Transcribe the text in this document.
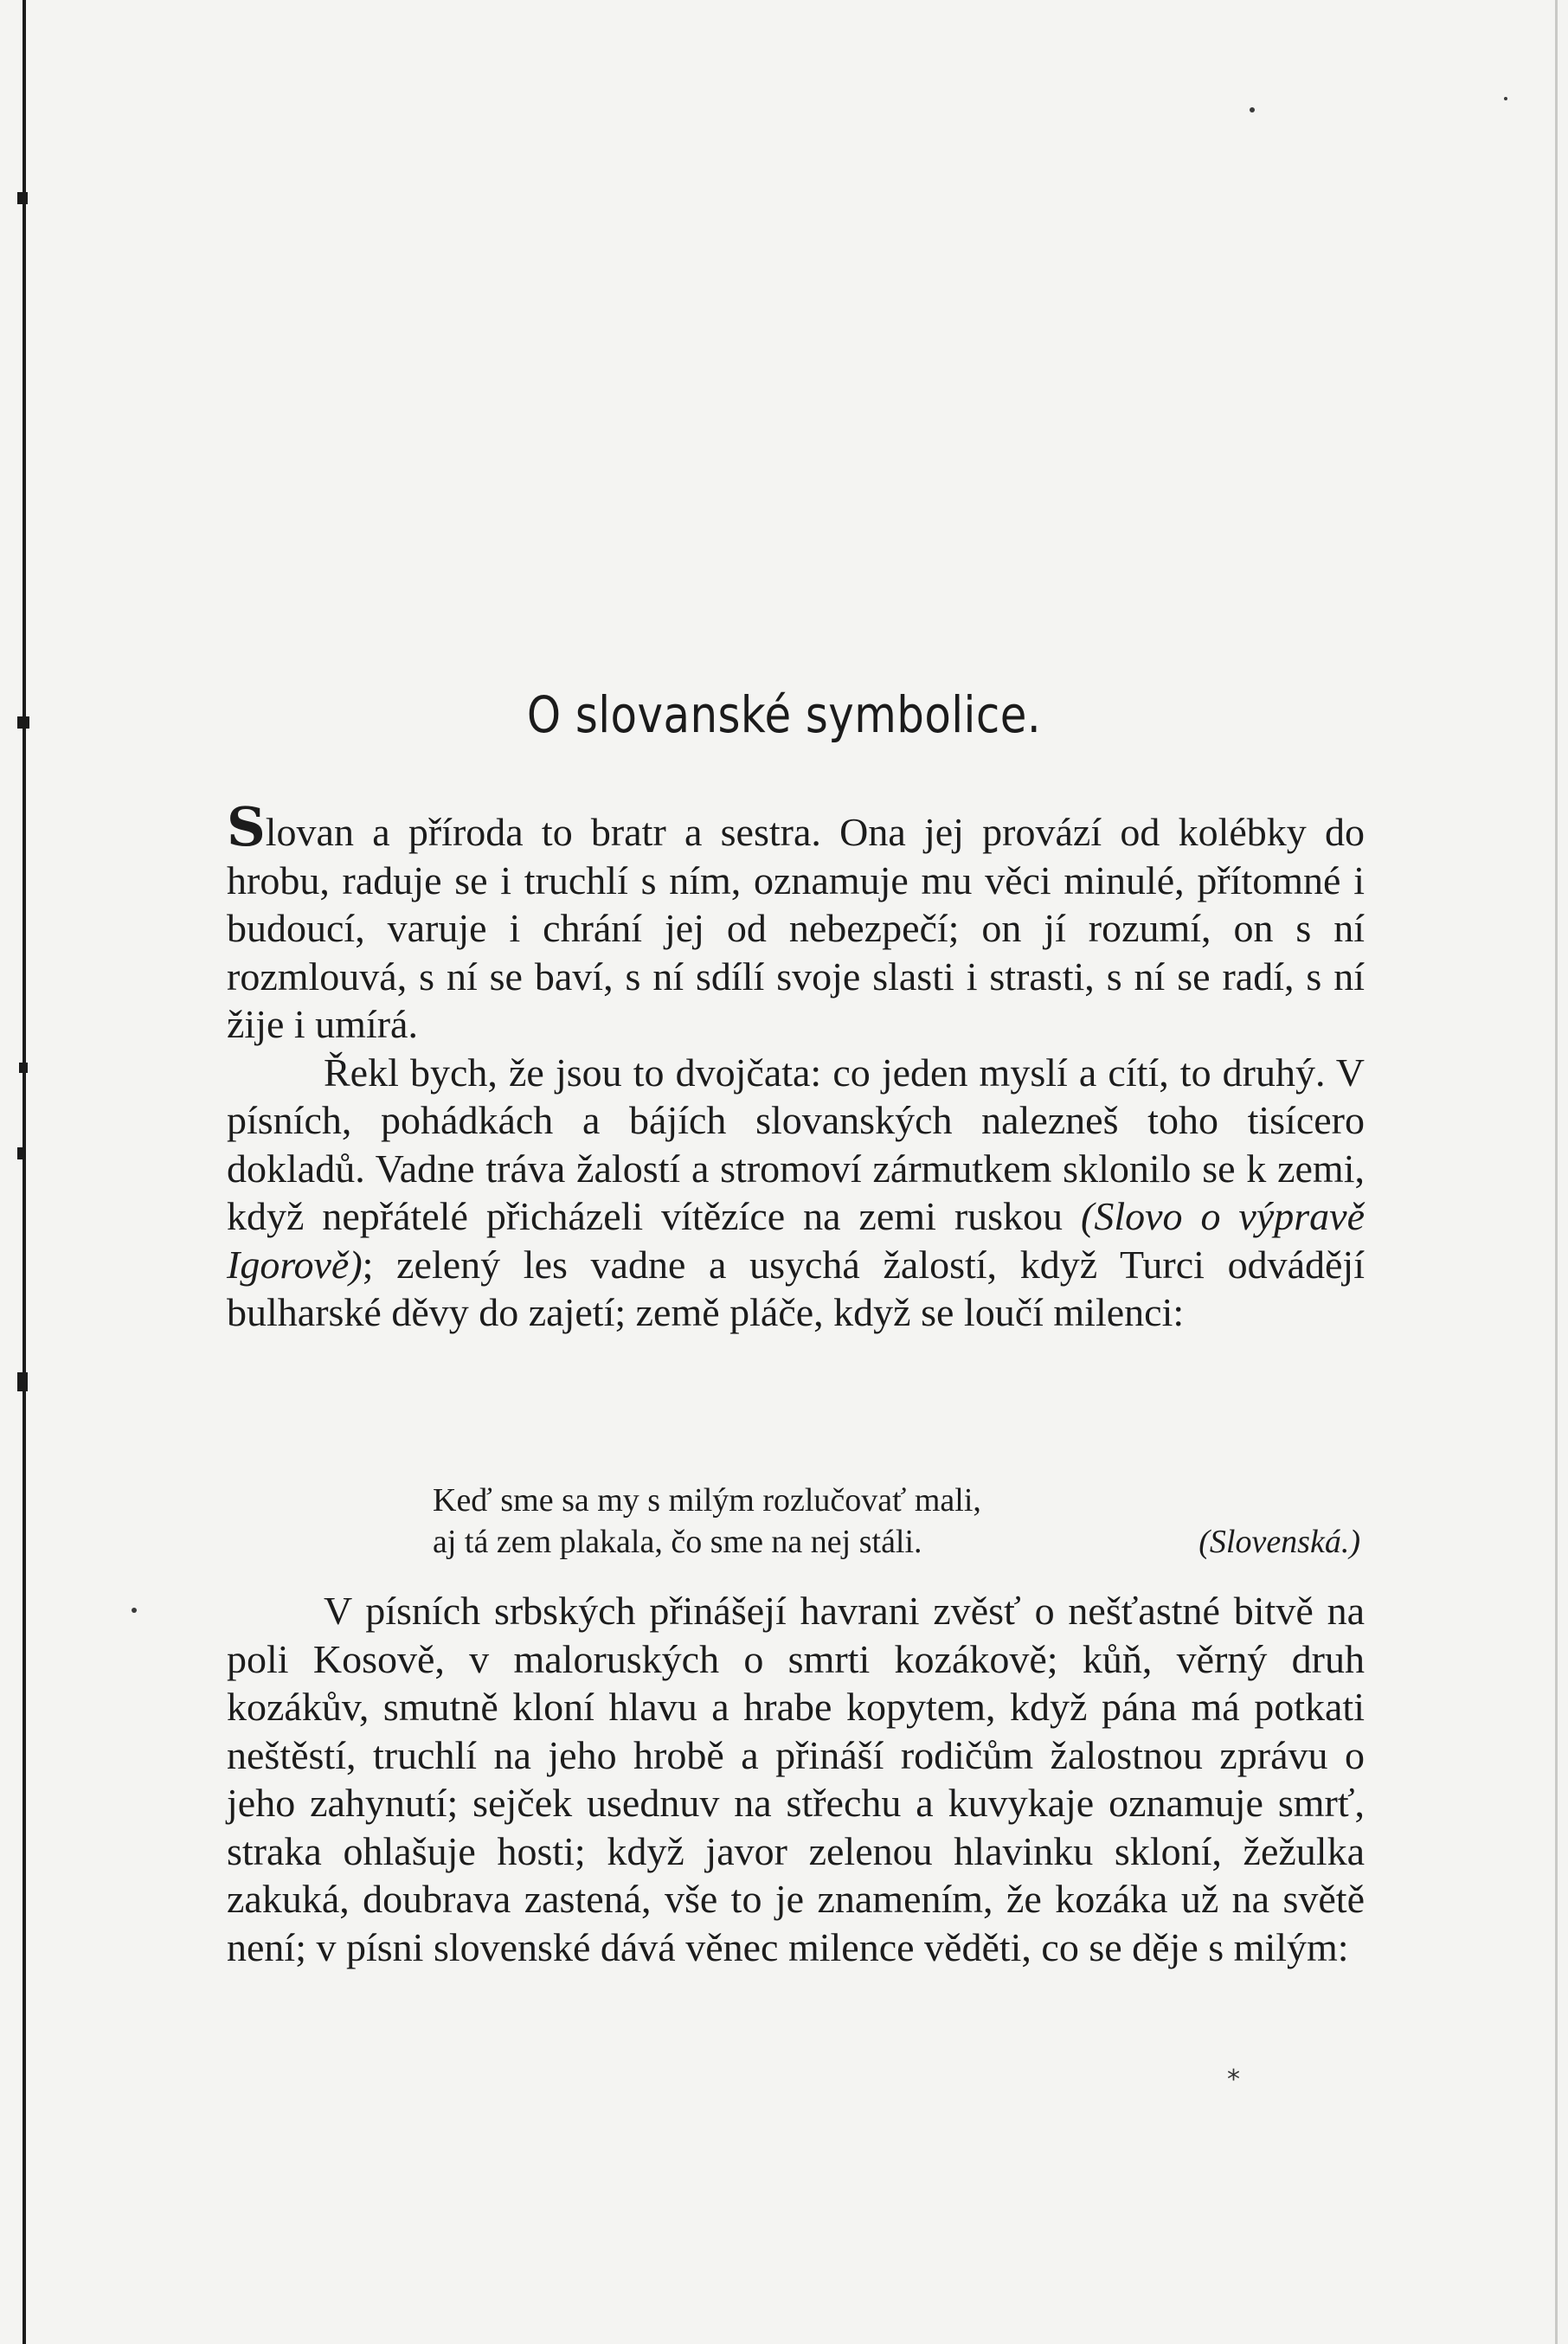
O slovanské symbolice.

Slovan a příroda to bratr a sestra. Ona jej provází od kolébky do hrobu, raduje se i truchlí s ním, oznamuje mu věci minulé, přítomné i budoucí, varuje i chrání jej od nebezpečí; on jí rozumí, on s ní rozmlouvá, s ní se baví, s ní sdílí svoje slasti i strasti, s ní se radí, s ní žije i umírá.

Řekl bych, že jsou to dvojčata: co jeden myslí a cítí, to druhý. V písních, pohádkách a bájích slovanských nalezneš toho tisícero dokladů. Vadne tráva žalostí a stromoví zármutkem sklonilo se k zemi, když nepřátelé přicházeli vítězíce na zemi ruskou (Slovo o výpravě Igorově); zelený les vadne a usychá žalostí, když Turci odvádějí bulharské děvy do zajetí; země pláče, když se loučí milenci:

Keď sme sa my s milým rozlučovať mali,
aj tá zem plakala, čo sme na nej stáli.	(Slovenská.)

V písních srbských přinášejí havrani zvěsť o nešťastné bitvě na poli Kosově, v maloruských o smrti kozákově; kůň, věrný druh kozákův, smutně kloní hlavu a hrabe kopytem, když pána má potkati neštěstí, truchlí na jeho hrobě a přináší rodičům žalostnou zprávu o jeho zahynutí; sejček usednuv na střechu a kuvykaje oznamuje smrť, straka ohlašuje hosti; když javor zelenou hlavinku skloní, žežulka zakuká, doubrava zastená, vše to je znamením, že kozáka už na světě není; v písni slovenské dává věnec milence věděti, co se děje s milým:

*
